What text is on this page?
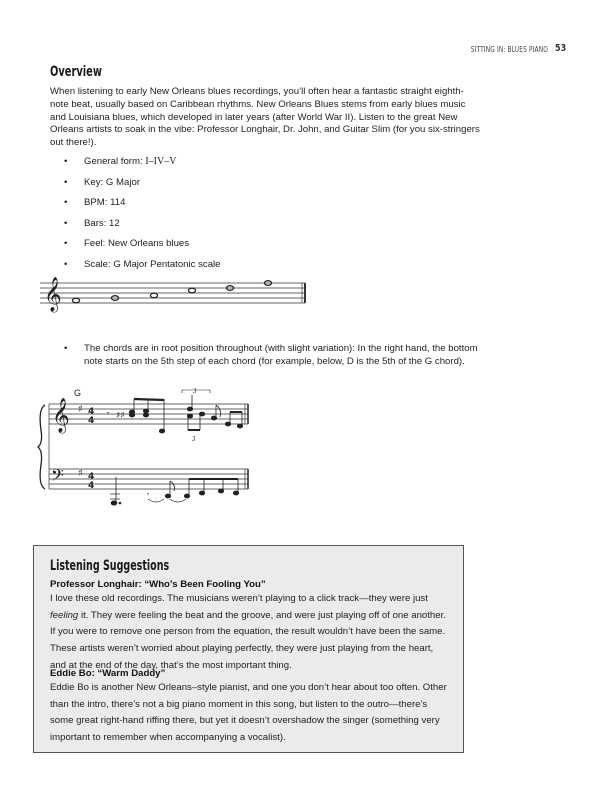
SITTING IN: BLUES PIANO 53
Overview
When listening to early New Orleans blues recordings, you’ll often hear a fantastic straight eighth-note beat, usually based on Caribbean rhythms. New Orleans Blues stems from early blues music and Louisiana blues, which developed in later years (after World War II). Listen to the great New Orleans artists to soak in the vibe: Professor Longhair, Dr. John, and Guitar Slim (for you six-stringers out there!).
• General form: I–IV–V
• Key: G Major
• BPM: 114
• Bars: 12
• Feel: New Orleans blues
• Scale: G Major Pentatonic scale
𝄞
• The chords are in root position throughout (with slight variation): In the right hand, the bottom note starts on the 5th step of each chord (for example, below, D is the 5th of the G chord).
G
𝄞
𝄢
♯
♯
4
4
4
4
𝄾 ♯♯
3
3
𝄾
Listening Suggestions
Professor Longhair: “Who’s Been Fooling You”
I love these old recordings. The musicians weren’t playing to a click track—they were just feeling it. They were feeling the beat and the groove, and were just playing off of one another. If you were to remove one person from the equation, the result wouldn’t have been the same. These artists weren’t worried about playing perfectly, they were just playing from the heart, and at the end of the day, that’s the most important thing.
Eddie Bo: “Warm Daddy”
Eddie Bo is another New Orleans–style pianist, and one you don’t hear about too often. Other than the intro, there’s not a big piano moment in this song, but listen to the outro—there’s some great right-hand riffing there, but yet it doesn’t overshadow the singer (something very important to remember when accompanying a vocalist).
